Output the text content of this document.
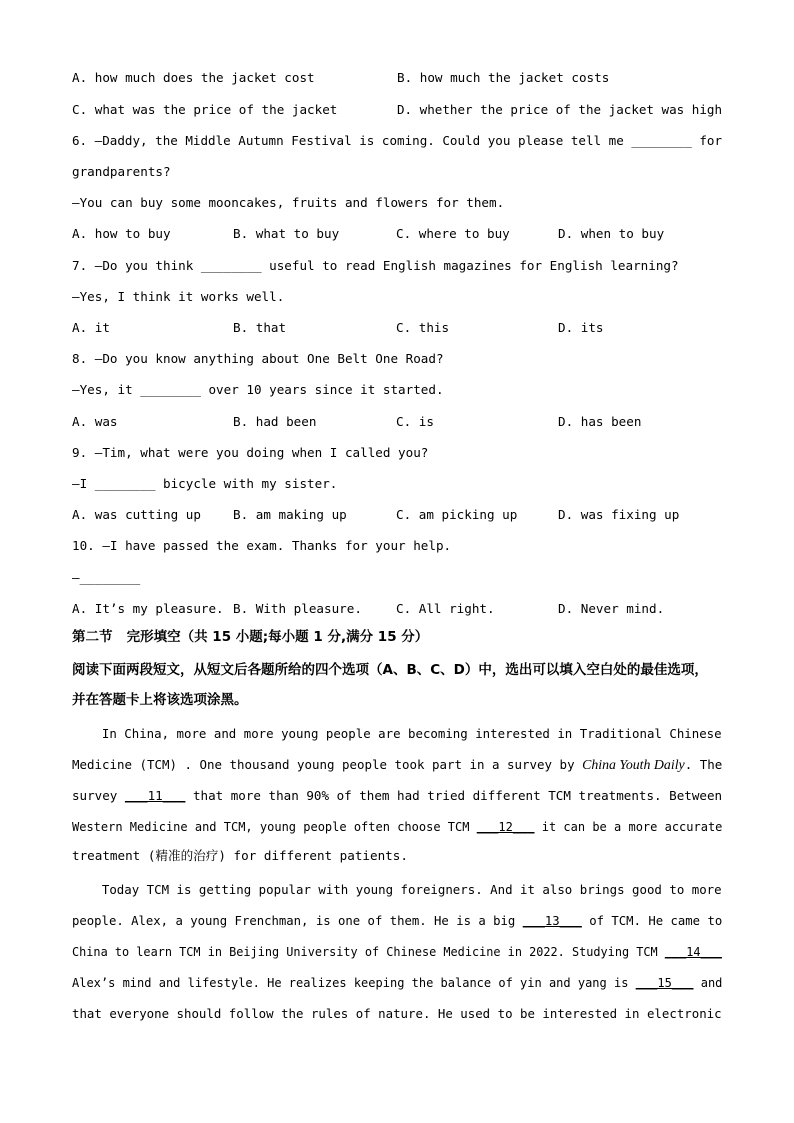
A. how much does the jacket cost	B. how much the jacket costs
C. what was the price of the jacket	D. whether the price of the jacket was high
6. —Daddy, the Middle Autumn Festival is coming. Could you please tell me ________ for
grandparents?
—You can buy some mooncakes, fruits and flowers for them.
A. how to buy	B. what to buy	C. where to buy	D. when to buy
7. —Do you think ________ useful to read English magazines for English learning?
—Yes, I think it works well.
A. it	B. that	C. this	D. its
8. —Do you know anything about One Belt One Road?
—Yes, it ________ over 10 years since it started.
A. was	B. had been	C. is	D. has been
9. —Tim, what were you doing when I called you?
—I ________ bicycle with my sister.
A. was cutting up	B. am making up	C. am picking up	D. was fixing up
10. —I have passed the exam. Thanks for your help.
—________
A. It’s my pleasure. B. With pleasure.	C. All right.	D. Never mind.
第二节   完形填空（共 15 小题;每小题 1 分,满分 15 分）
阅读下面两段短文，从短文后各题所给的四个选项（A、B、C、D）中，选出可以填入空白处的最佳选项，
并在答题卡上将该选项涂黑。
In China, more and more young people are becoming interested in Traditional Chinese
Medicine (TCM) . One thousand young people took part in a survey by China Youth Daily. The
survey ___11___ that more than 90% of them had tried different TCM treatments. Between
Western Medicine and TCM, young people often choose TCM ___12___ it can be a more accurate
treatment (精准的治疗) for different patients.
Today TCM is getting popular with young foreigners. And it also brings good to more
people. Alex, a young Frenchman, is one of them. He is a big ___13___ of TCM. He came to
China to learn TCM in Beijing University of Chinese Medicine in 2022. Studying TCM ___14___
Alex’s mind and lifestyle. He realizes keeping the balance of yin and yang is ___15___ and
that everyone should follow the rules of nature. He used to be interested in electronic
